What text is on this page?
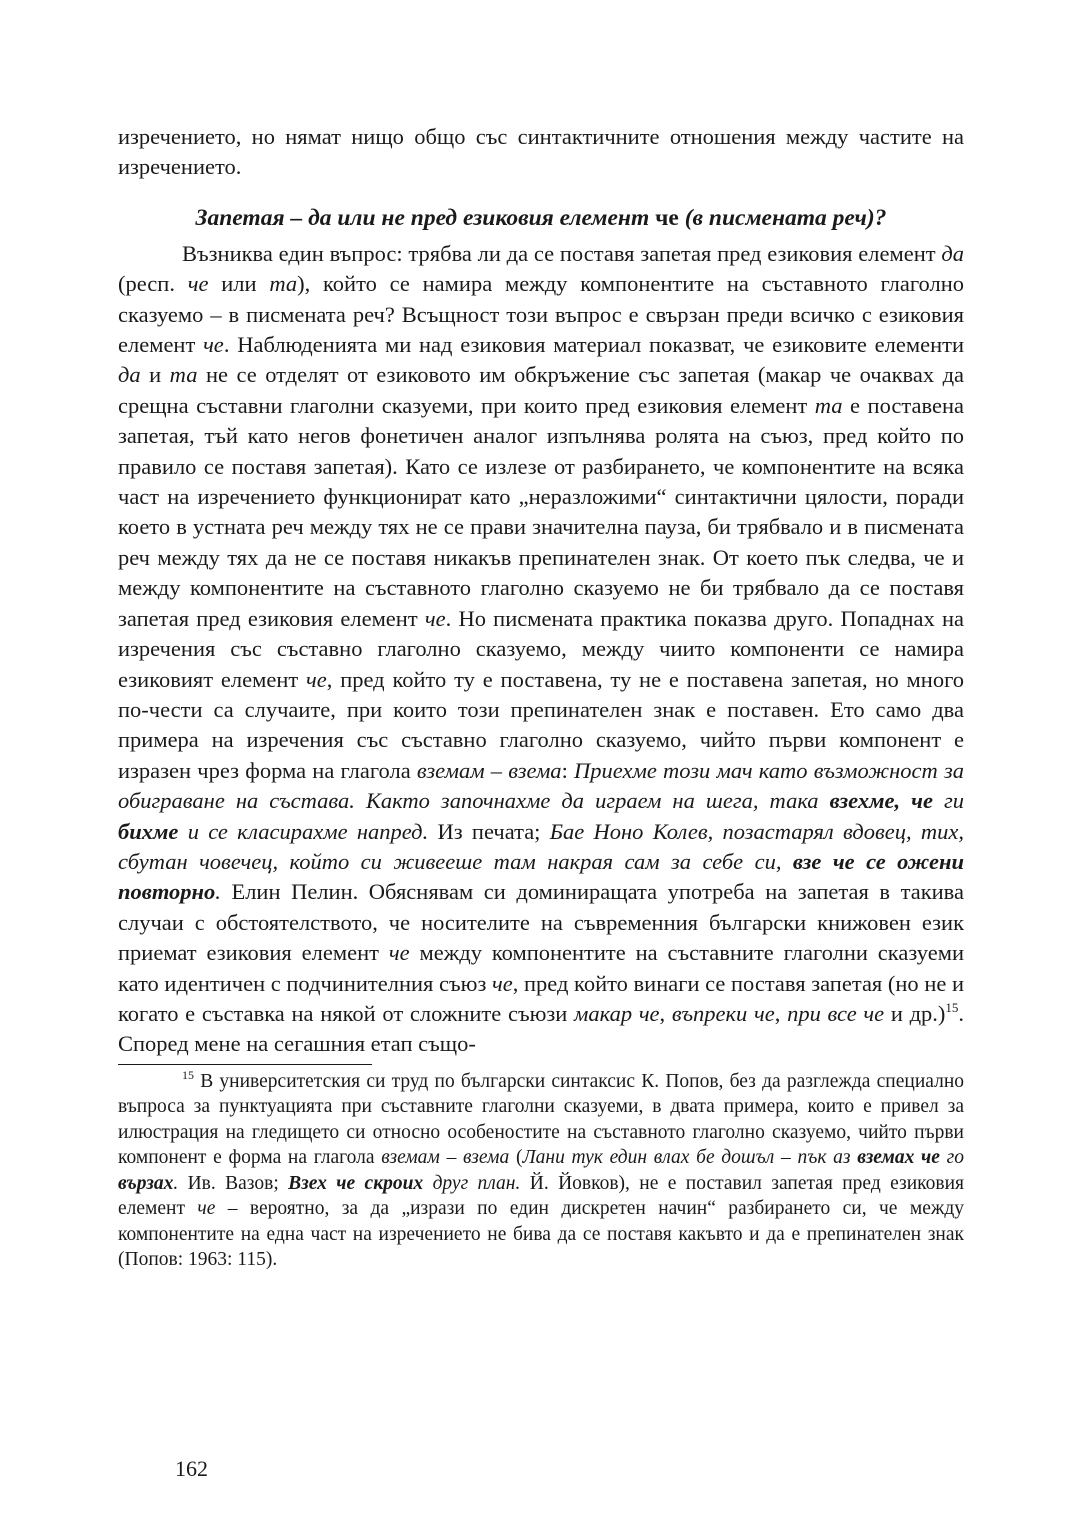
изречението, но нямат нищо общо със синтактичните отношения между частите на изречението.

Запетая – да или не пред езиковия елемент че (в писмената реч)?

Възниква един въпрос: трябва ли да се поставя запетая пред езиковия елемент да (респ. че или та), който се намира между компонентите на съставното глаголно сказуемо – в писмената реч? Всъщност този въпрос е свързан преди всичко с езиковия елемент че. Наблюденията ми над езиковия материал показват, че езиковите елементи да и та не се отделят от езиковото им обкръжение със запетая (макар че очаквах да срещна съставни глаголни сказуеми, при които пред езиковия елемент та е поставена запетая, тъй като негов фонетичен аналог изпълнява ролята на съюз, пред който по правило се поставя запетая). Като се излезе от разбирането, че компонентите на всяка част на изречението функционират като „неразложими“ синтактични цялости, поради което в устната реч между тях не се прави значителна пауза, би трябвало и в писмената реч между тях да не се поставя никакъв препинателен знак. От което пък следва, че и между компонентите на съставното глаголно сказуемо не би трябвало да се поставя запетая пред езиковия елемент че. Но писмената практика показва друго. Попаднах на изречения със съставно глаголно сказуемо, между чиито компоненти се намира езиковият елемент че, пред който ту е поставена, ту не е поставена запетая, но много по-чести са случаите, при които този препинателен знак е поставен. Ето само два примера на изречения със съставно глаголно сказуемо, чийто първи компонент е изразен чрез форма на глагола вземам – взема: Приехме този мач като възможност за обиграване на състава. Както започнахме да играем на шега, така взехме, че ги бихме и се класирахме напред. Из печата; Бае Ноно Колев, позастарял вдовец, тих, сбутан човечец, който си живееше там накрая сам за себе си, взе че се ожени повторно. Елин Пелин. Обяснявам си доминиращата употреба на запетая в такива случаи с обстоятелството, че носителите на съвременния български книжовен език приемат езиковия елемент че между компонентите на съставните глаголни сказуеми като идентичен с подчинителния съюз че, пред който винаги се поставя запетая (но не и когато е съставка на някой от сложните съюзи макар че, въпреки че, при все че и др.)$^{15}$. Според мене на сегашния етап също-

$^{15}$ В университетския си труд по български синтаксис К. Попов, без да разглежда специално въпроса за пунктуацията при съставните глаголни сказуеми, в двата примера, които е привел за илюстрация на гледището си относно особеностите на съставното глаголно сказуемо, чийто първи компонент е форма на глагола вземам – взема (Лани тук един влах бе дошъл – пък аз вземах че го вързах. Ив. Вазов; Взех че скроих друг план. Й. Йовков), не е поставил запетая пред езиковия елемент че – вероятно, за да „изрази по един дискретен начин“ разбирането си, че между компонентите на една част на изречението не бива да се поставя какъвто и да е препинателен знак (Попов: 1963: 115).

162
